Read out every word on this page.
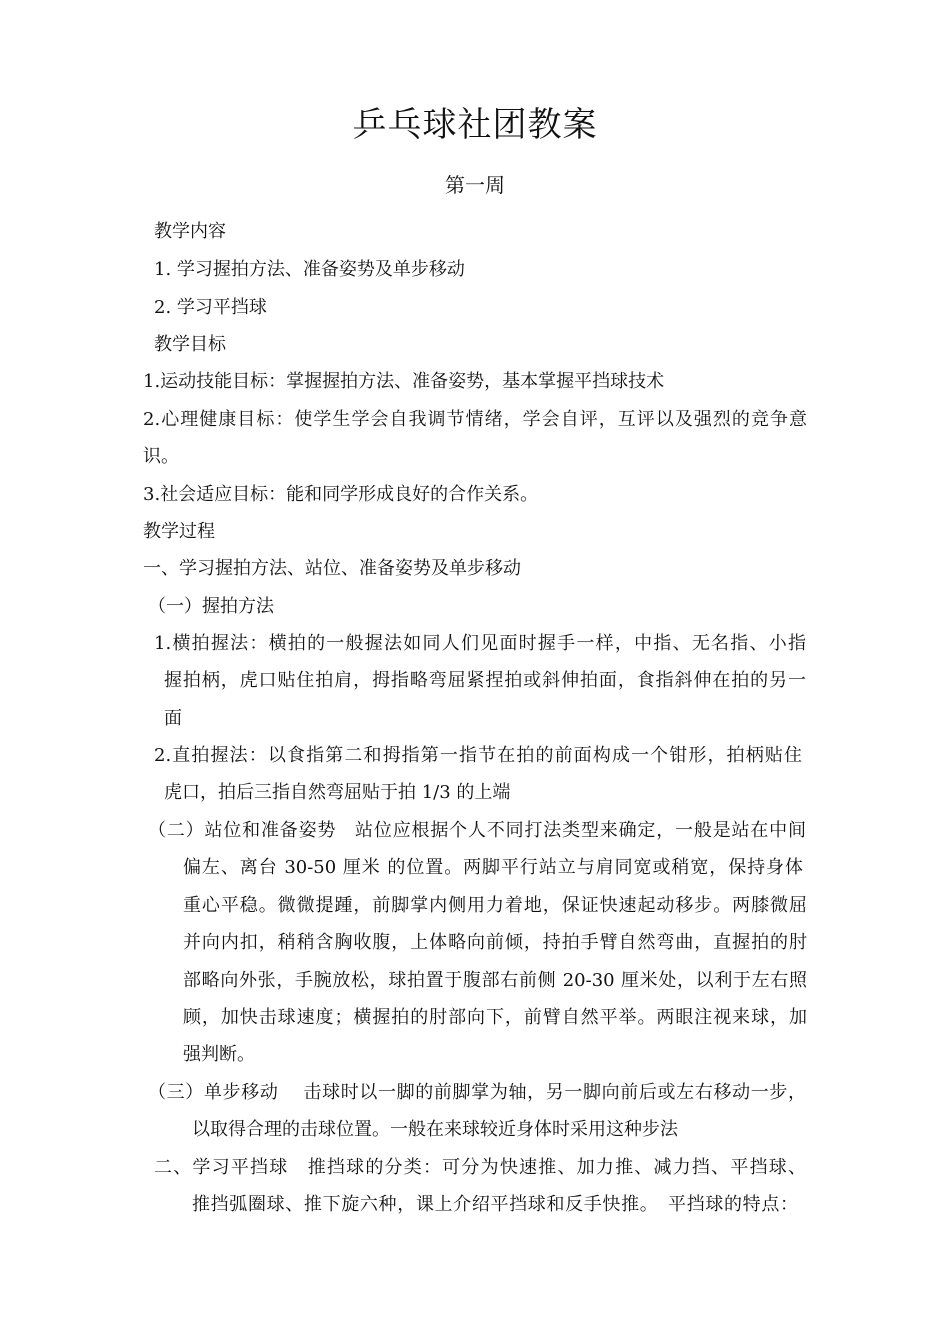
乒乓球社团教案
第一周
教学内容
1. 学习握拍方法、准备姿势及单步移动
2. 学习平挡球
教学目标
1.运动技能目标：掌握握拍方法、准备姿势，基本掌握平挡球技术
2.心理健康目标：使学生学会自我调节情绪，学会自评，互评以及强烈的竞争意
识。
3.社会适应目标：能和同学形成良好的合作关系。
教学过程
一、学习握拍方法、站位、准备姿势及单步移动
（一）握拍方法
1.横拍握法：横拍的一般握法如同人们见面时握手一样，中指、无名指、小指
握拍柄，虎口贴住拍肩，拇指略弯屈紧捏拍或斜伸拍面，食指斜伸在拍的另一
面
2.直拍握法：以食指第二和拇指第一指节在拍的前面构成一个钳形，拍柄贴住
虎口，拍后三指自然弯屈贴于拍 1/3 的上端
（二）站位和准备姿势　站位应根据个人不同打法类型来确定，一般是站在中间
偏左、离台 30-50 厘米 的位置。两脚平行站立与肩同宽或稍宽，保持身体
重心平稳。微微提踵，前脚掌内侧用力着地，保证快速起动移步。两膝微屈
并向内扣，稍稍含胸收腹，上体略向前倾，持拍手臂自然弯曲，直握拍的肘
部略向外张，手腕放松，球拍置于腹部右前侧 20-30 厘米处，以利于左右照
顾，加快击球速度；横握拍的肘部向下，前臂自然平举。两眼注视来球，加
强判断。
（三）单步移动　 击球时以一脚的前脚掌为轴，另一脚向前后或左右移动一步，
以取得合理的击球位置。一般在来球较近身体时采用这种步法
二、学习平挡球　推挡球的分类：可分为快速推、加力推、减力挡、平挡球、
推挡弧圈球、推下旋六种，课上介绍平挡球和反手快推。　平挡球的特点：
